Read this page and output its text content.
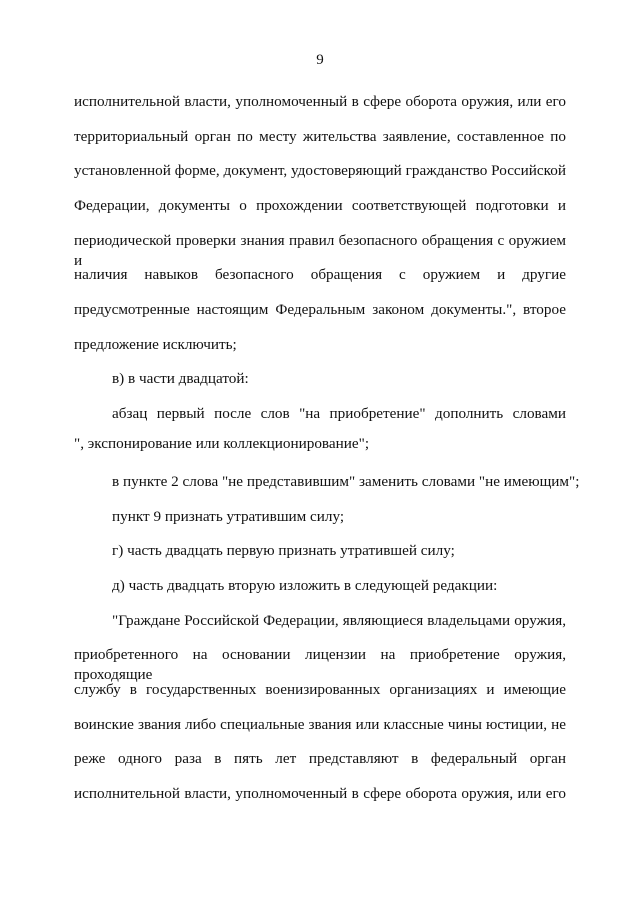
9
исполнительной власти, уполномоченный в сфере оборота оружия, или его
территориальный орган по месту жительства заявление, составленное по
установленной форме, документ, удостоверяющий гражданство Российской
Федерации, документы о прохождении соответствующей подготовки и
периодической проверки знания правил безопасного обращения с оружием и
наличия навыков безопасного обращения с оружием и другие
предусмотренные настоящим Федеральным законом документы.", второе
предложение исключить;
в) в части двадцатой:
абзац первый после слов "на приобретение" дополнить словами
", экспонирование или коллекционирование";
в пункте 2 слова "не представившим" заменить словами "не имеющим";
пункт 9 признать утратившим силу;
г) часть двадцать первую признать утратившей силу;
д) часть двадцать вторую изложить в следующей редакции:
"Граждане Российской Федерации, являющиеся владельцами оружия,
приобретенного на основании лицензии на приобретение оружия, проходящие
службу в государственных военизированных организациях и имеющие
воинские звания либо специальные звания или классные чины юстиции, не
реже одного раза в пять лет представляют в федеральный орган
исполнительной власти, уполномоченный в сфере оборота оружия, или его
